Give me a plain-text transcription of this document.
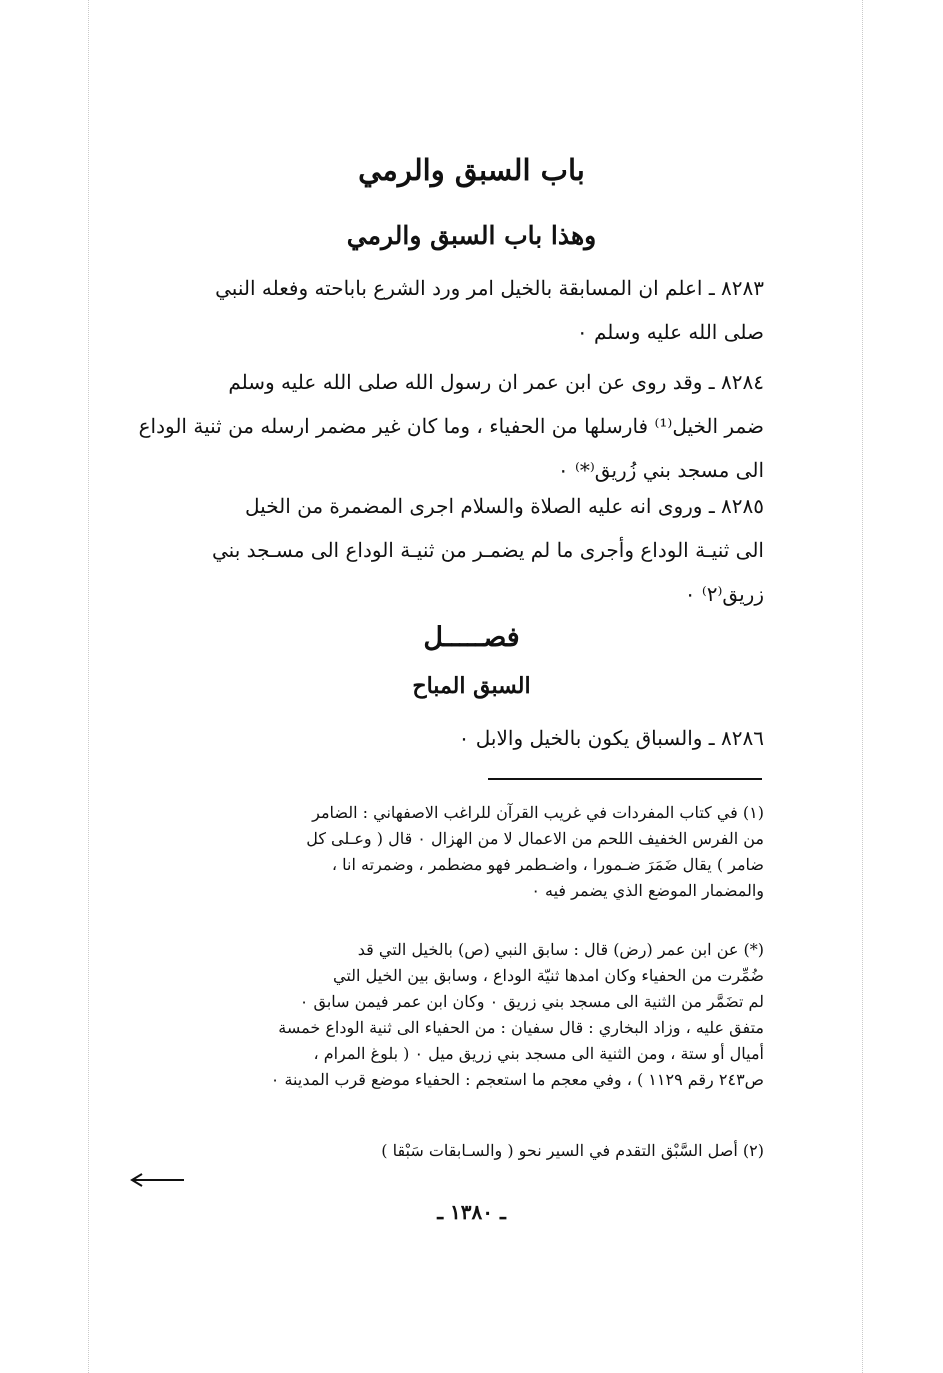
باب السبق والرمي
وهذا باب السبق والرمي
٨٢٨٣ ـ اعلم ان المسابقة بالخيل امر ورد الشرع باباحته وفعله النبي
صلى الله عليه وسلم ٠
٨٢٨٤ ـ وقد روى عن ابن عمر ان رسول الله صلى الله عليه وسلم
ضمر الخيل⁽¹⁾ فارسلها من الحفياء ، وما كان غير مضمر ارسله من ثنية الوداع
الى مسجد بني زُريق⁽*⁾ ٠
٨٢٨٥ ـ وروى انه عليه الصلاة والسلام اجرى المضمرة من الخيل
الى ثنيـة الوداع وأجرى ما لم يضمـر من ثنيـة الوداع الى مسـجد بني
زريق⁽٢⁾ ٠
فصـــــل
السبق المباح
٨٢٨٦ ـ والسباق يكون بالخيل والابل ٠
(١) في كتاب المفردات في غريب القرآن للراغب الاصفهاني : الضامر
من الفرس الخفيف اللحم من الاعمال لا من الهزال ٠ قال ( وعـلى كل
ضامر ) يقال ضَمَرَ ضـمورا ، واضـطمر فهو مضطمر ، وضمرته انا ،
والمضمار الموضع الذي يضمر فيه ٠
(*) عن ابن عمر (رض) قال : سابق النبي (ص) بالخيل التي قد
ضُمِّرت من الحفياء وكان امدها ثنيّة الوداع ، وسابق بين الخيل التي
لم تضَمَّر من الثنية الى مسجد بني زريق ٠ وكان ابن عمر فيمن سابق ٠
متفق عليه ، وزاد البخاري : قال سفيان : من الحفياء الى ثنية الوداع خمسة
أميال أو ستة ، ومن الثنية الى مسجد بني زريق ميل ٠ ( بلوغ المرام ،
ص٢٤٣ رقم ١١٢٩ ) ، وفي معجم ما استعجم : الحفياء موضع قرب المدينة ٠
(٢) أصل السَّبْق التقدم في السير نحو ( والسـابقات سَبْقا )
ـ ١٣٨٠ ـ
